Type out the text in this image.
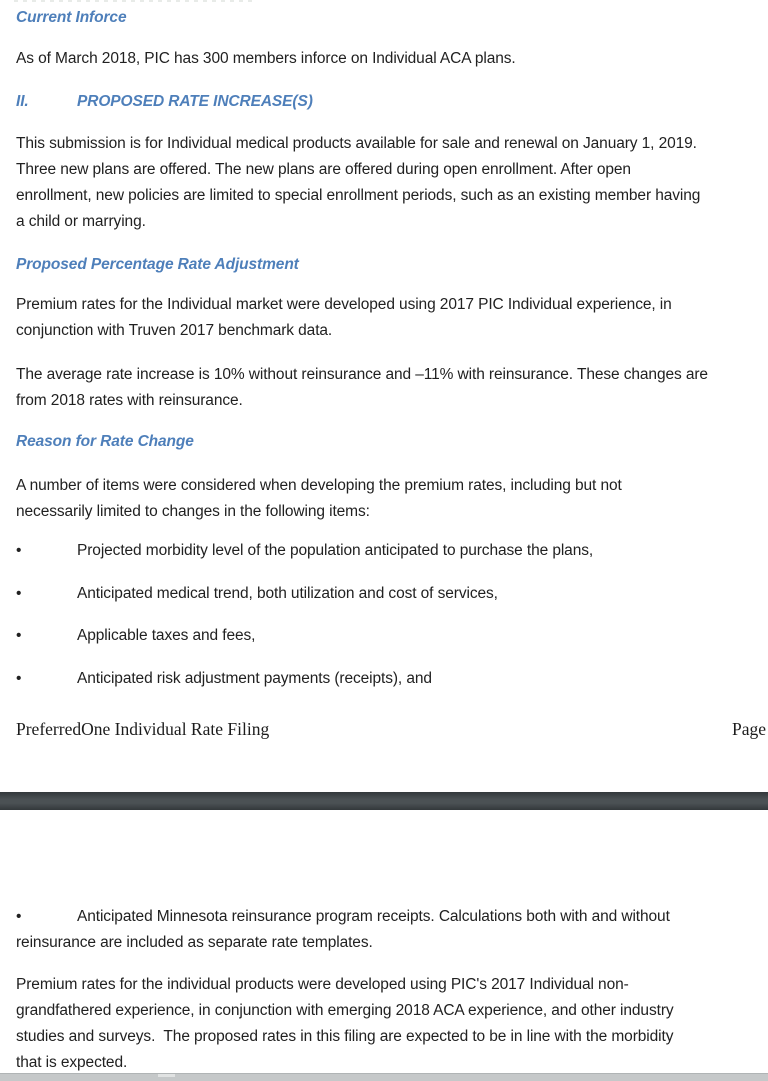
Current Inforce
As of March 2018, PIC has 300 members inforce on Individual ACA plans.
II.	PROPOSED RATE INCREASE(S)
This submission is for Individual medical products available for sale and renewal on January 1, 2019.
Three new plans are offered. The new plans are offered during open enrollment. After open
enrollment, new policies are limited to special enrollment periods, such as an existing member having
a child or marrying.
Proposed Percentage Rate Adjustment
Premium rates for the Individual market were developed using 2017 PIC Individual experience, in
conjunction with Truven 2017 benchmark data.
The average rate increase is 10% without reinsurance and –11% with reinsurance. These changes are
from 2018 rates with reinsurance.
Reason for Rate Change
A number of items were considered when developing the premium rates, including but not
necessarily limited to changes in the following items:
•	Projected morbidity level of the population anticipated to purchase the plans,
•	Anticipated medical trend, both utilization and cost of services,
•	Applicable taxes and fees,
•	Anticipated risk adjustment payments (receipts), and
PreferredOne Individual Rate Filing	Page
•	Anticipated Minnesota reinsurance program receipts. Calculations both with and without
reinsurance are included as separate rate templates.
Premium rates for the individual products were developed using PIC's 2017 Individual non-
grandfathered experience, in conjunction with emerging 2018 ACA experience, and other industry
studies and surveys.  The proposed rates in this filing are expected to be in line with the morbidity
that is expected.
